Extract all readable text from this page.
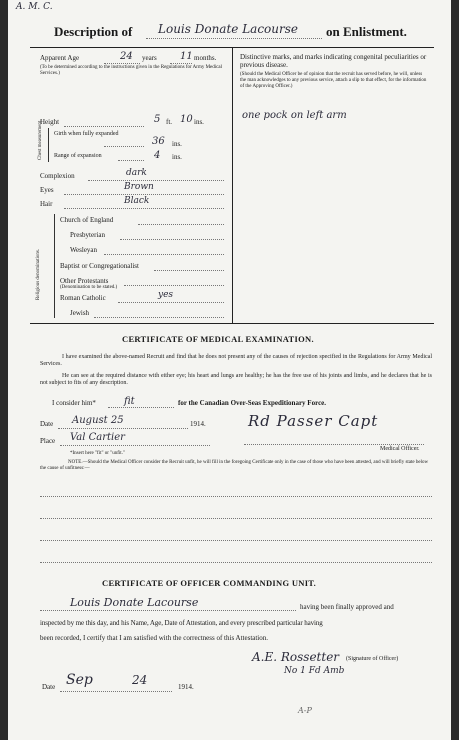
A. M. C.
Description of Louis Donate Lacourse on Enlistment.
Apparent Age	24 years 11 months.
(To be determined according to the instructions given in the Regulations for Army Medical Services.)
Height	5 ft. 10 ins.
Chest measurement. Girth when fully expanded
36 ins.
Range of expansion	4 ins.
Complexion	dark
Eyes	Brown
Hair	Black
Religious denominations.
Church of England
Presbyterian
Wesleyan
Baptist or Congregationalist
Other Protestants
(Denomination to be stated.)
Roman Catholic	yes
Jewish
Distinctive marks, and marks indicating congenital peculiarities or previous disease.
(Should the Medical Officer be of opinion that the recruit has served before, he will, unless the man acknowledges to any previous service, attach a slip to that effect, for the information of the Approving Officer.)
one pock on left arm
CERTIFICATE OF MEDICAL EXAMINATION.
I have examined the above-named Recruit and find that he does not present any of the causes of rejection specified in the Regulations for Army Medical Services.
He can see at the required distance with either eye; his heart and lungs are healthy; he has the free use of his joints and limbs, and he declares that he is not subject to fits of any description.
I consider him*	fit	for the Canadian Over-Seas Expeditionary Force.
Date August 25	1914.
Place Val Cartier
Rd Passer Capt
Medical Officer.
*Insert here "fit" or "unfit."
NOTE.—Should the Medical Officer consider the Recruit unfit, he will fill in the foregoing Certificate only in the case of those who have been attested, and will briefly state below the cause of unfitness:—
CERTIFICATE OF OFFICER COMMANDING UNIT.
Louis Donate Lacourse	having been finally approved and
inspected by me this day, and his Name, Age, Date of Attestation, and every prescribed particular having
been recorded, I certify that I am satisfied with the correctness of this Attestation.
A.E. Rossetter (Signature of Officer)
No 1 Fd Amb
Date Sep	24	1914.
A-P
